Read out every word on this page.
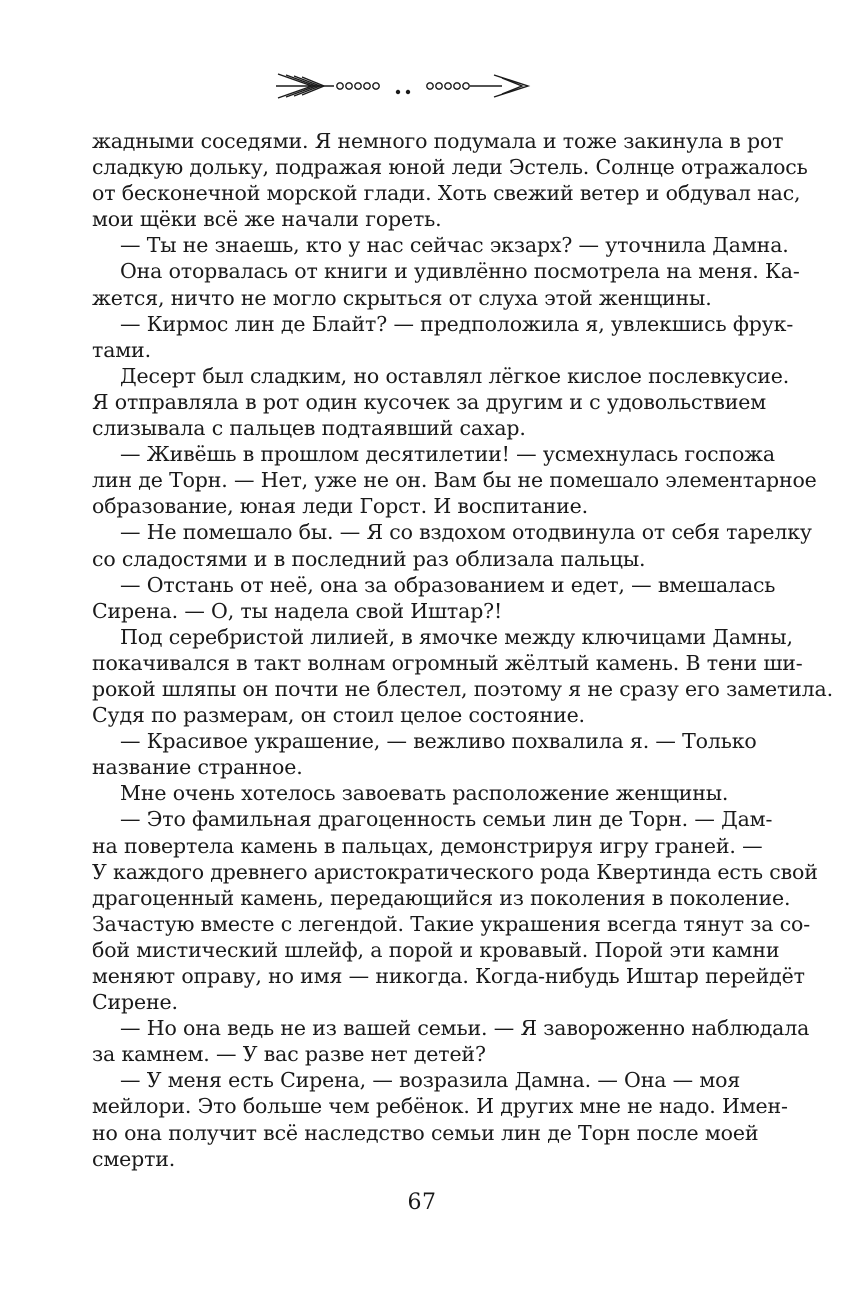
жадными соседями. Я немного подумала и тоже закинула в рот
сладкую дольку, подражая юной леди Эстель. Солнце отражалось
от бесконечной морской глади. Хоть свежий ветер и обдувал нас,
мои щёки всё же начали гореть.
— Ты не знаешь, кто у нас сейчас экзарх? — уточнила Дамна.
Она оторвалась от книги и удивлённо посмотрела на меня. Ка-
жется, ничто не могло скрыться от слуха этой женщины.
— Кирмос лин де Блайт? — предположила я, увлекшись фрук-
тами.
Десерт был сладким, но оставлял лёгкое кислое послевкусие.
Я отправляла в рот один кусочек за другим и с удовольствием
слизывала с пальцев подтаявший сахар.
— Живёшь в прошлом десятилетии! — усмехнулась госпожа
лин де Торн. — Нет, уже не он. Вам бы не помешало элементарное
образование, юная леди Горст. И воспитание.
— Не помешало бы. — Я со вздохом отодвинула от себя тарелку
со сладостями и в последний раз облизала пальцы.
— Отстань от неё, она за образованием и едет, — вмешалась
Сирена. — О, ты надела свой Иштар?!
Под серебристой лилией, в ямочке между ключицами Дамны,
покачивался в такт волнам огромный жёлтый камень. В тени ши-
рокой шляпы он почти не блестел, поэтому я не сразу его заметила.
Судя по размерам, он стоил целое состояние.
— Красивое украшение, — вежливо похвалила я. — Только
название странное.
Мне очень хотелось завоевать расположение женщины.
— Это фамильная драгоценность семьи лин де Торн. — Дам-
на повертела камень в пальцах, демонстрируя игру граней. —
У каждого древнего аристократического рода Квертинда есть свой
драгоценный камень, передающийся из поколения в поколение.
Зачастую вместе с легендой. Такие украшения всегда тянут за со-
бой мистический шлейф, а порой и кровавый. Порой эти камни
меняют оправу, но имя — никогда. Когда-нибудь Иштар перейдёт
Сирене.
— Но она ведь не из вашей семьи. — Я завороженно наблюдала
за камнем. — У вас разве нет детей?
— У меня есть Сирена, — возразила Дамна. — Она — моя
мейлори. Это больше чем ребёнок. И других мне не надо. Имен-
но она получит всё наследство семьи лин де Торн после моей
смерти.
67
